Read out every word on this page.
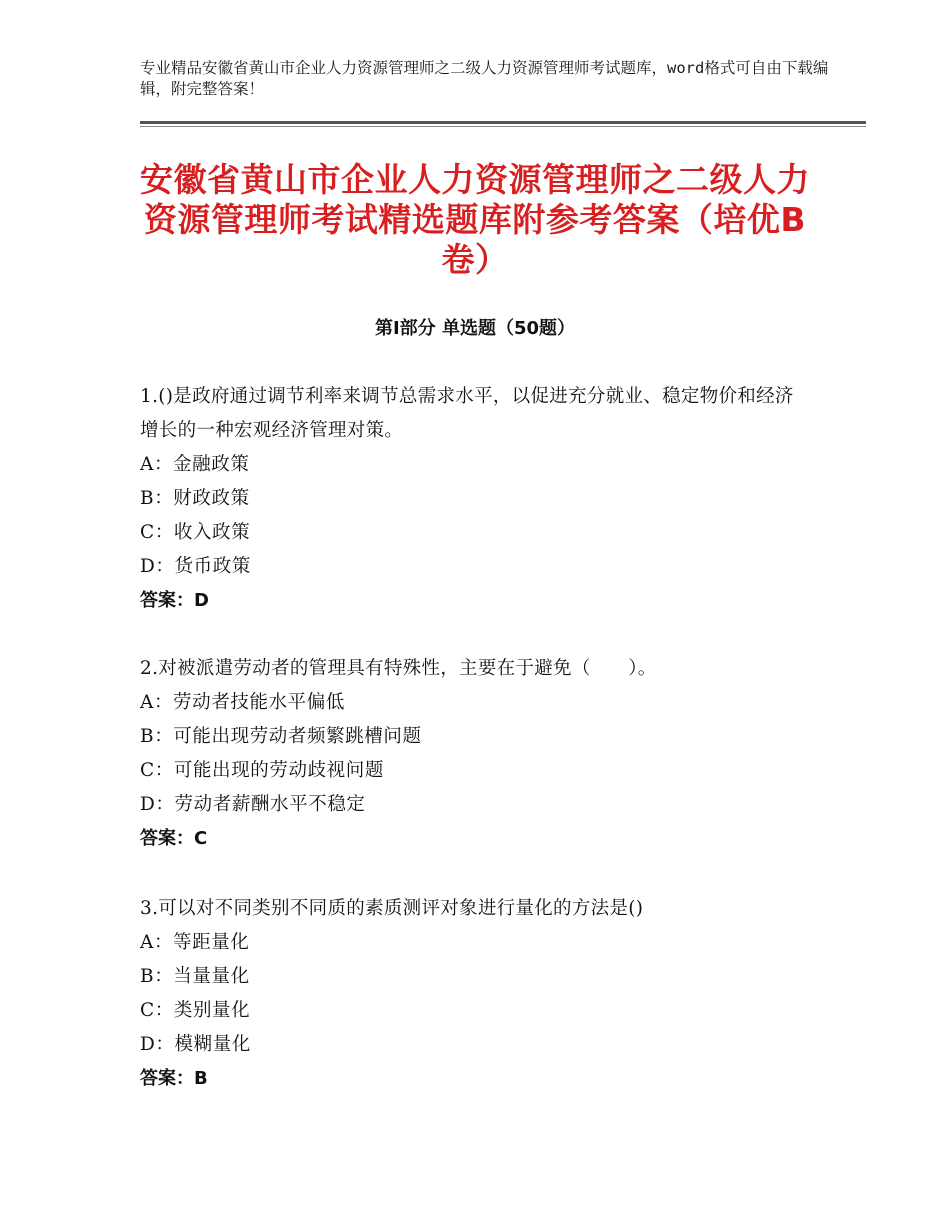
专业精品安徽省黄山市企业人力资源管理师之二级人力资源管理师考试题库，word格式可自由下载编辑，附完整答案！
安徽省黄山市企业人力资源管理师之二级人力资源管理师考试精选题库附参考答案（培优B卷）
第Ⅰ部分 单选题（50题）

1.()是政府通过调节利率来调节总需求水平，以促进充分就业、稳定物价和经济增长的一种宏观经济管理对策。

A：金融政策

B：财政政策

C：收入政策

D：货币政策

答案：D

2.对被派遣劳动者的管理具有特殊性，主要在于避免（　　）。

A：劳动者技能水平偏低

B：可能出现劳动者频繁跳槽问题

C：可能出现的劳动歧视问题

D：劳动者薪酬水平不稳定

答案：C

3.可以对不同类别不同质的素质测评对象进行量化的方法是()

A：等距量化

B：当量量化

C：类别量化

D：模糊量化

答案：B
